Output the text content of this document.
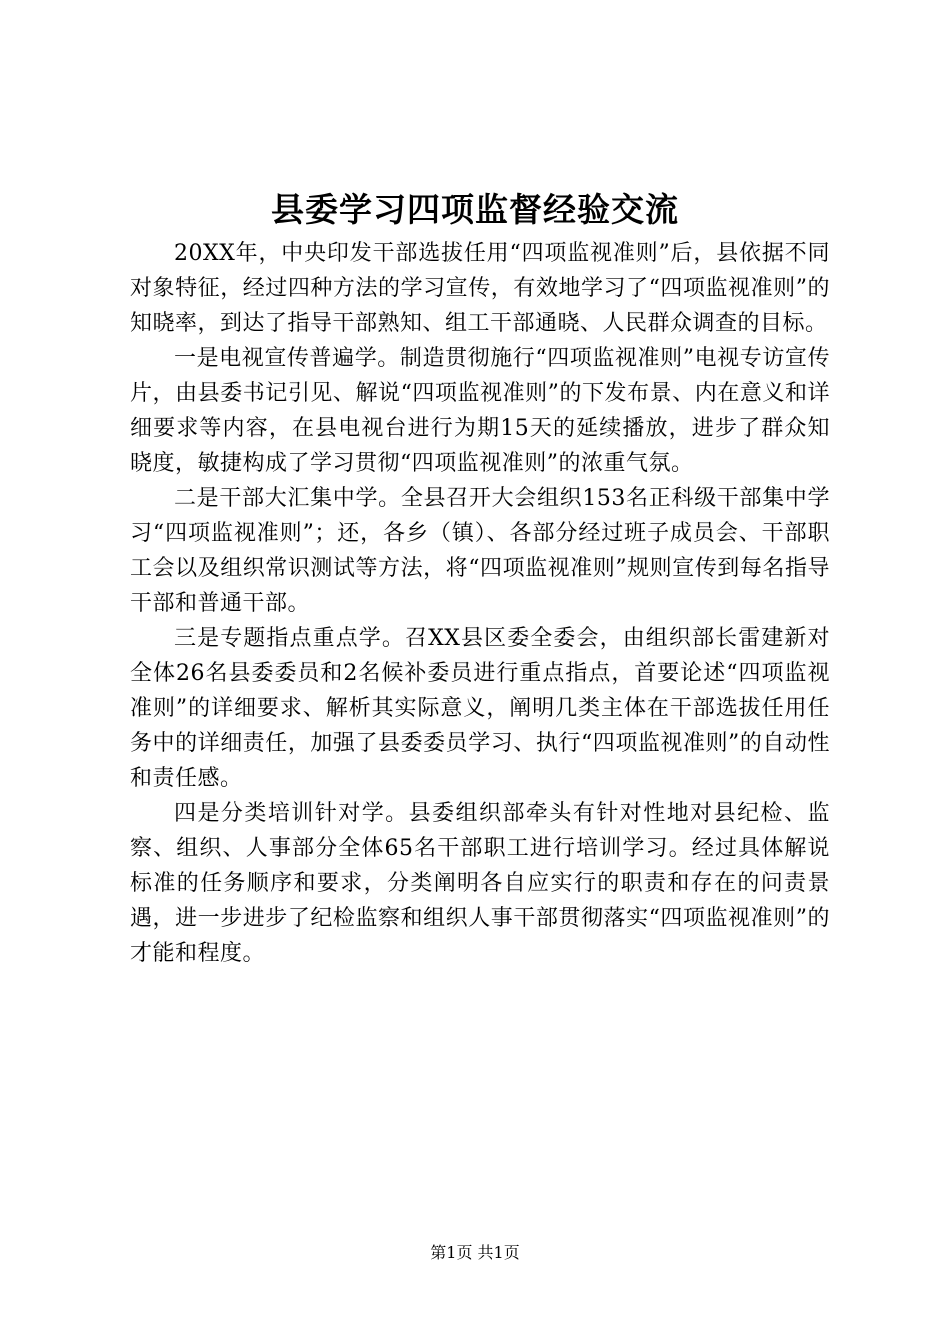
县委学习四项监督经验交流

20XX年，中央印发干部选拔任用“四项监视准则”后，县依据不同对象特征，经过四种方法的学习宣传，有效地学习了“四项监视准则”的知晓率，到达了指导干部熟知、组工干部通晓、人民群众调查的目标。

一是电视宣传普遍学。制造贯彻施行“四项监视准则”电视专访宣传片，由县委书记引见、解说“四项监视准则”的下发布景、内在意义和详细要求等内容，在县电视台进行为期15天的延续播放，进步了群众知晓度，敏捷构成了学习贯彻“四项监视准则”的浓重气氛。

二是干部大汇集中学。全县召开大会组织153名正科级干部集中学习“四项监视准则”；还，各乡（镇）、各部分经过班子成员会、干部职工会以及组织常识测试等方法，将“四项监视准则”规则宣传到每名指导干部和普通干部。

三是专题指点重点学。召XX县区委全委会，由组织部长雷建新对全体26名县委委员和2名候补委员进行重点指点，首要论述“四项监视准则”的详细要求、解析其实际意义，阐明几类主体在干部选拔任用任务中的详细责任，加强了县委委员学习、执行“四项监视准则”的自动性和责任感。

四是分类培训针对学。县委组织部牵头有针对性地对县纪检、监察、组织、人事部分全体65名干部职工进行培训学习。经过具体解说标准的任务顺序和要求，分类阐明各自应实行的职责和存在的问责景遇，进一步进步了纪检监察和组织人事干部贯彻落实“四项监视准则”的才能和程度。

第1页 共1页
